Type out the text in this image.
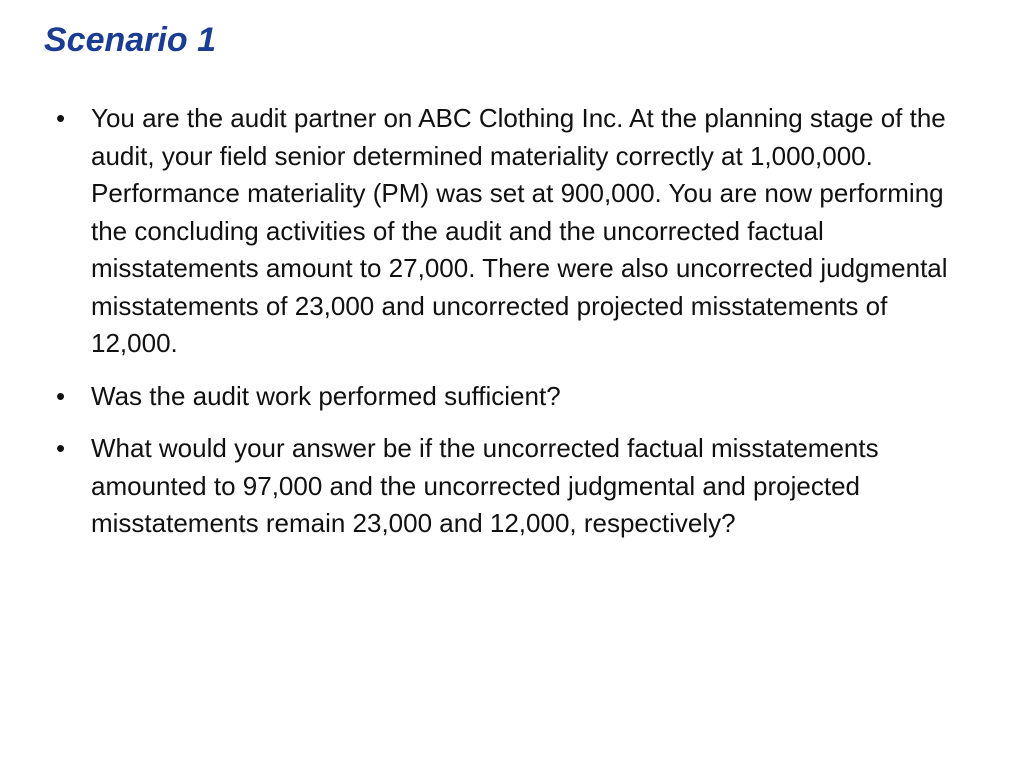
Scenario 1
• You are the audit partner on ABC Clothing Inc. At the planning stage of the audit, your field senior determined materiality correctly at 1,000,000. Performance materiality (PM) was set at 900,000. You are now performing the concluding activities of the audit and the uncorrected factual misstatements amount to 27,000. There were also uncorrected judgmental misstatements of 23,000 and uncorrected projected misstatements of 12,000.
• Was the audit work performed sufficient?
• What would your answer be if the uncorrected factual misstatements amounted to 97,000 and the uncorrected judgmental and projected misstatements remain 23,000 and 12,000, respectively?
